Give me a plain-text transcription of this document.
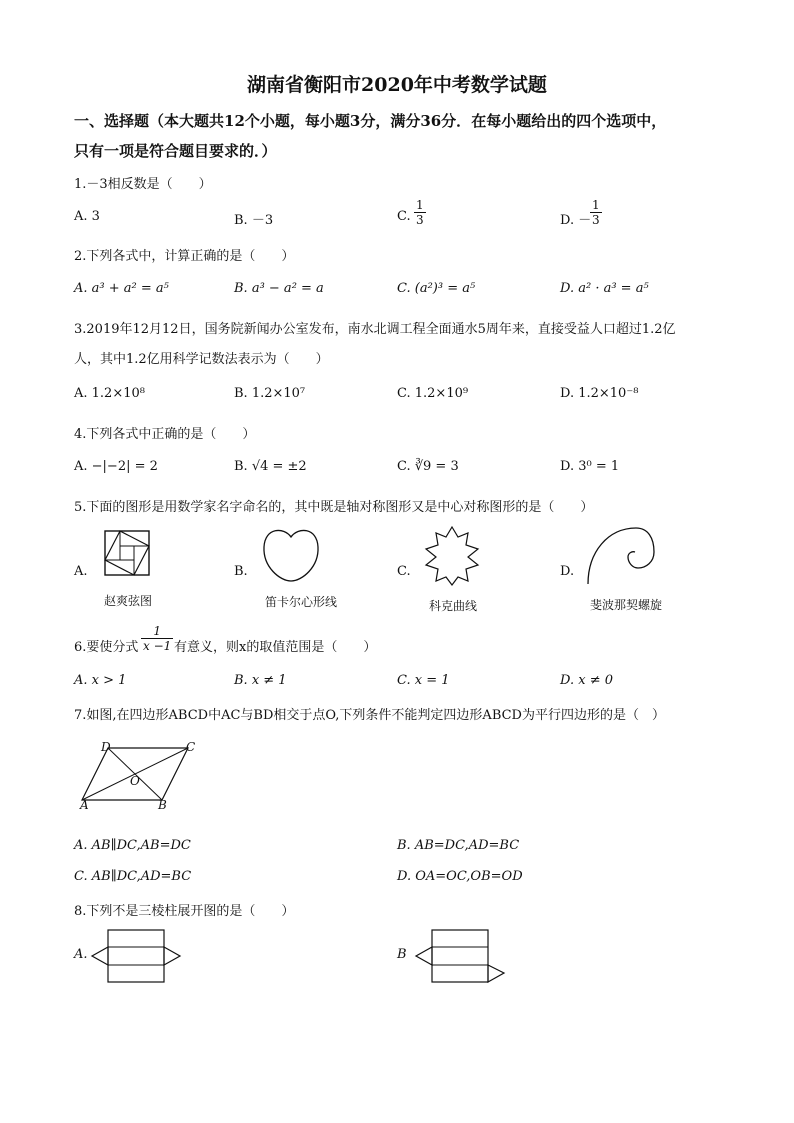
湖南省衡阳市2020年中考数学试题
一、选择题（本大题共12个小题，每小题3分，满分36分．在每小题给出的四个选项中，
只有一项是符合题目要求的．）
1.－3相反数是（　　）
A. 3	B. －3	C. $\frac{1}{3}$	D. －
$\frac{1}{3}$
2.下列各式中，计算正确的是（　　）
A. a³ + a² = a⁵	B. a³ − a² = a	C. (a²)³ = a⁵	D. a² · a³ = a⁵
3.2019年12月12日，国务院新闻办公室发布，南水北调工程全面通水5周年来，直接受益人口超过1.2亿
人，其中1.2亿用科学记数法表示为（　　）
A. 1.2×10⁸	B. 1.2×10⁷	C. 1.2×10⁹	D. 1.2×10⁻⁸
4.下列各式中正确的是（　　）
A. −|−2| = 2	B. √4 = ±2	C. ∛9 = 3	D. 3⁰ = 1
5.下面的图形是用数学家名字命名的，其中既是轴对称图形又是中心对称图形的是（　　）
A.	B.	C.	D.
赵爽弦图	笛卡尔心形线	科克曲线	斐波那契螺旋
6.要使分式 $\frac{1}{x -1}$ 有意义，则x的取值范围是（　　）
A. x > 1	B. x ≠ 1	C. x = 1	D. x ≠ 0
7.如图,在四边形ABCD中AC与BD相交于点O,下列条件不能判定四边形ABCD为平行四边形的是（　）
D	C
O
A	B
A. AB∥DC,AB=DC	B. AB=DC,AD=BC
C. AB∥DC,AD=BC	D. OA=OC,OB=OD
8.下列不是三棱柱展开图的是（　　）
A.	B
